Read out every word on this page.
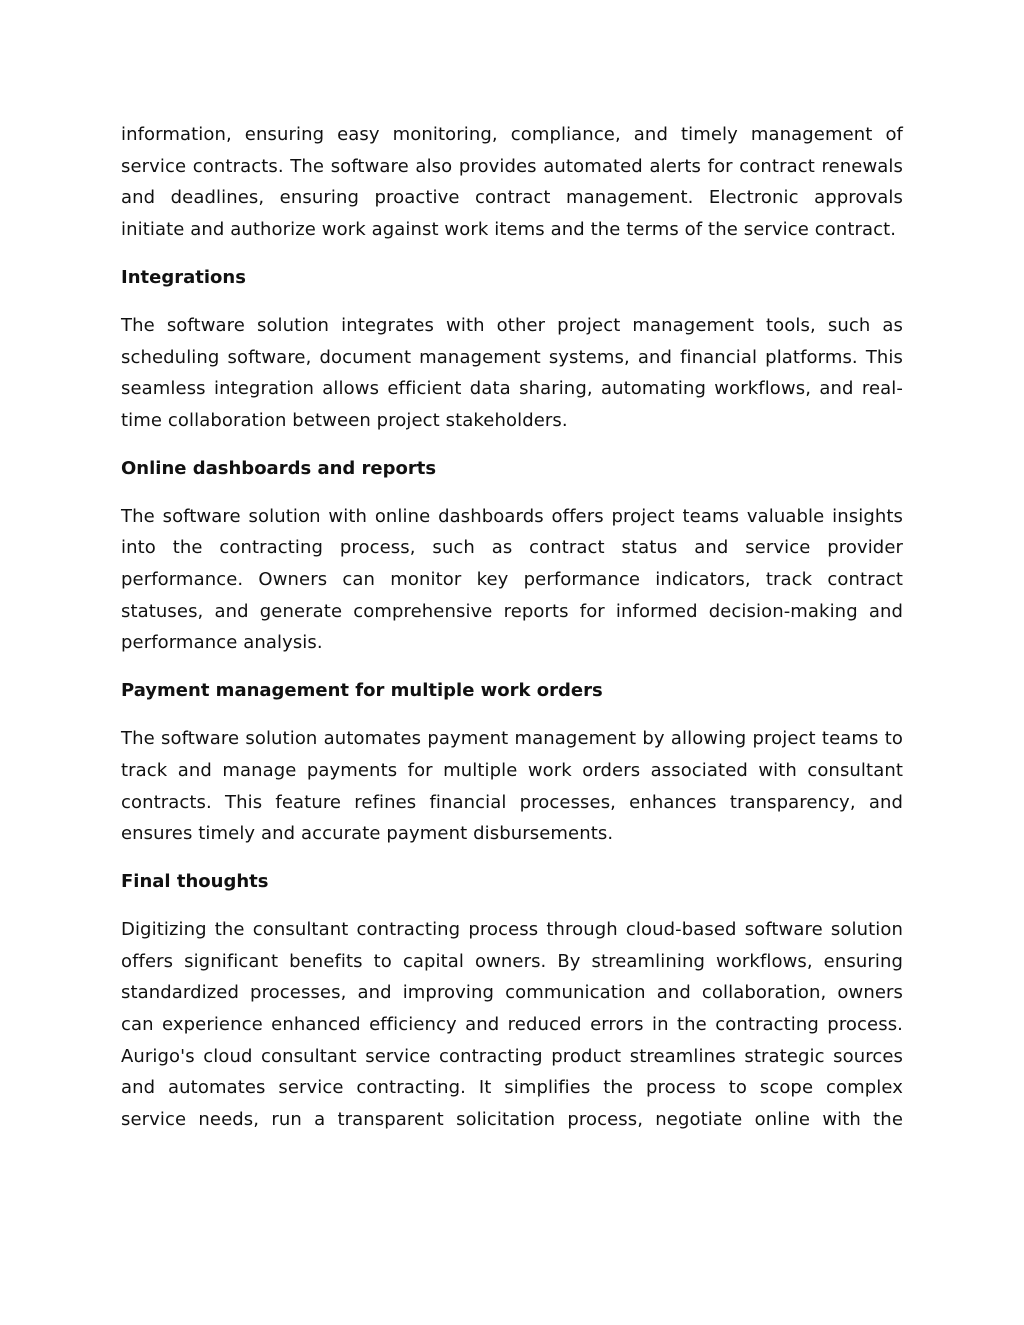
information, ensuring easy monitoring, compliance, and timely management of service contracts. The software also provides automated alerts for contract renewals and deadlines, ensuring proactive contract management. Electronic approvals initiate and authorize work against work items and the terms of the service contract.

Integrations

The software solution integrates with other project management tools, such as scheduling software, document management systems, and financial platforms. This seamless integration allows efficient data sharing, automating workflows, and real-time collaboration between project stakeholders.

Online dashboards and reports

The software solution with online dashboards offers project teams valuable insights into the contracting process, such as contract status and service provider performance. Owners can monitor key performance indicators, track contract statuses, and generate comprehensive reports for informed decision-making and performance analysis.

Payment management for multiple work orders

The software solution automates payment management by allowing project teams to track and manage payments for multiple work orders associated with consultant contracts. This feature refines financial processes, enhances transparency, and ensures timely and accurate payment disbursements.

Final thoughts

Digitizing the consultant contracting process through cloud-based software solution offers significant benefits to capital owners. By streamlining workflows, ensuring standardized processes, and improving communication and collaboration, owners can experience enhanced efficiency and reduced errors in the contracting process. Aurigo's cloud consultant service contracting product streamlines strategic sources and automates service contracting. It simplifies the process to scope complex service needs, run a transparent solicitation process, negotiate online with the
